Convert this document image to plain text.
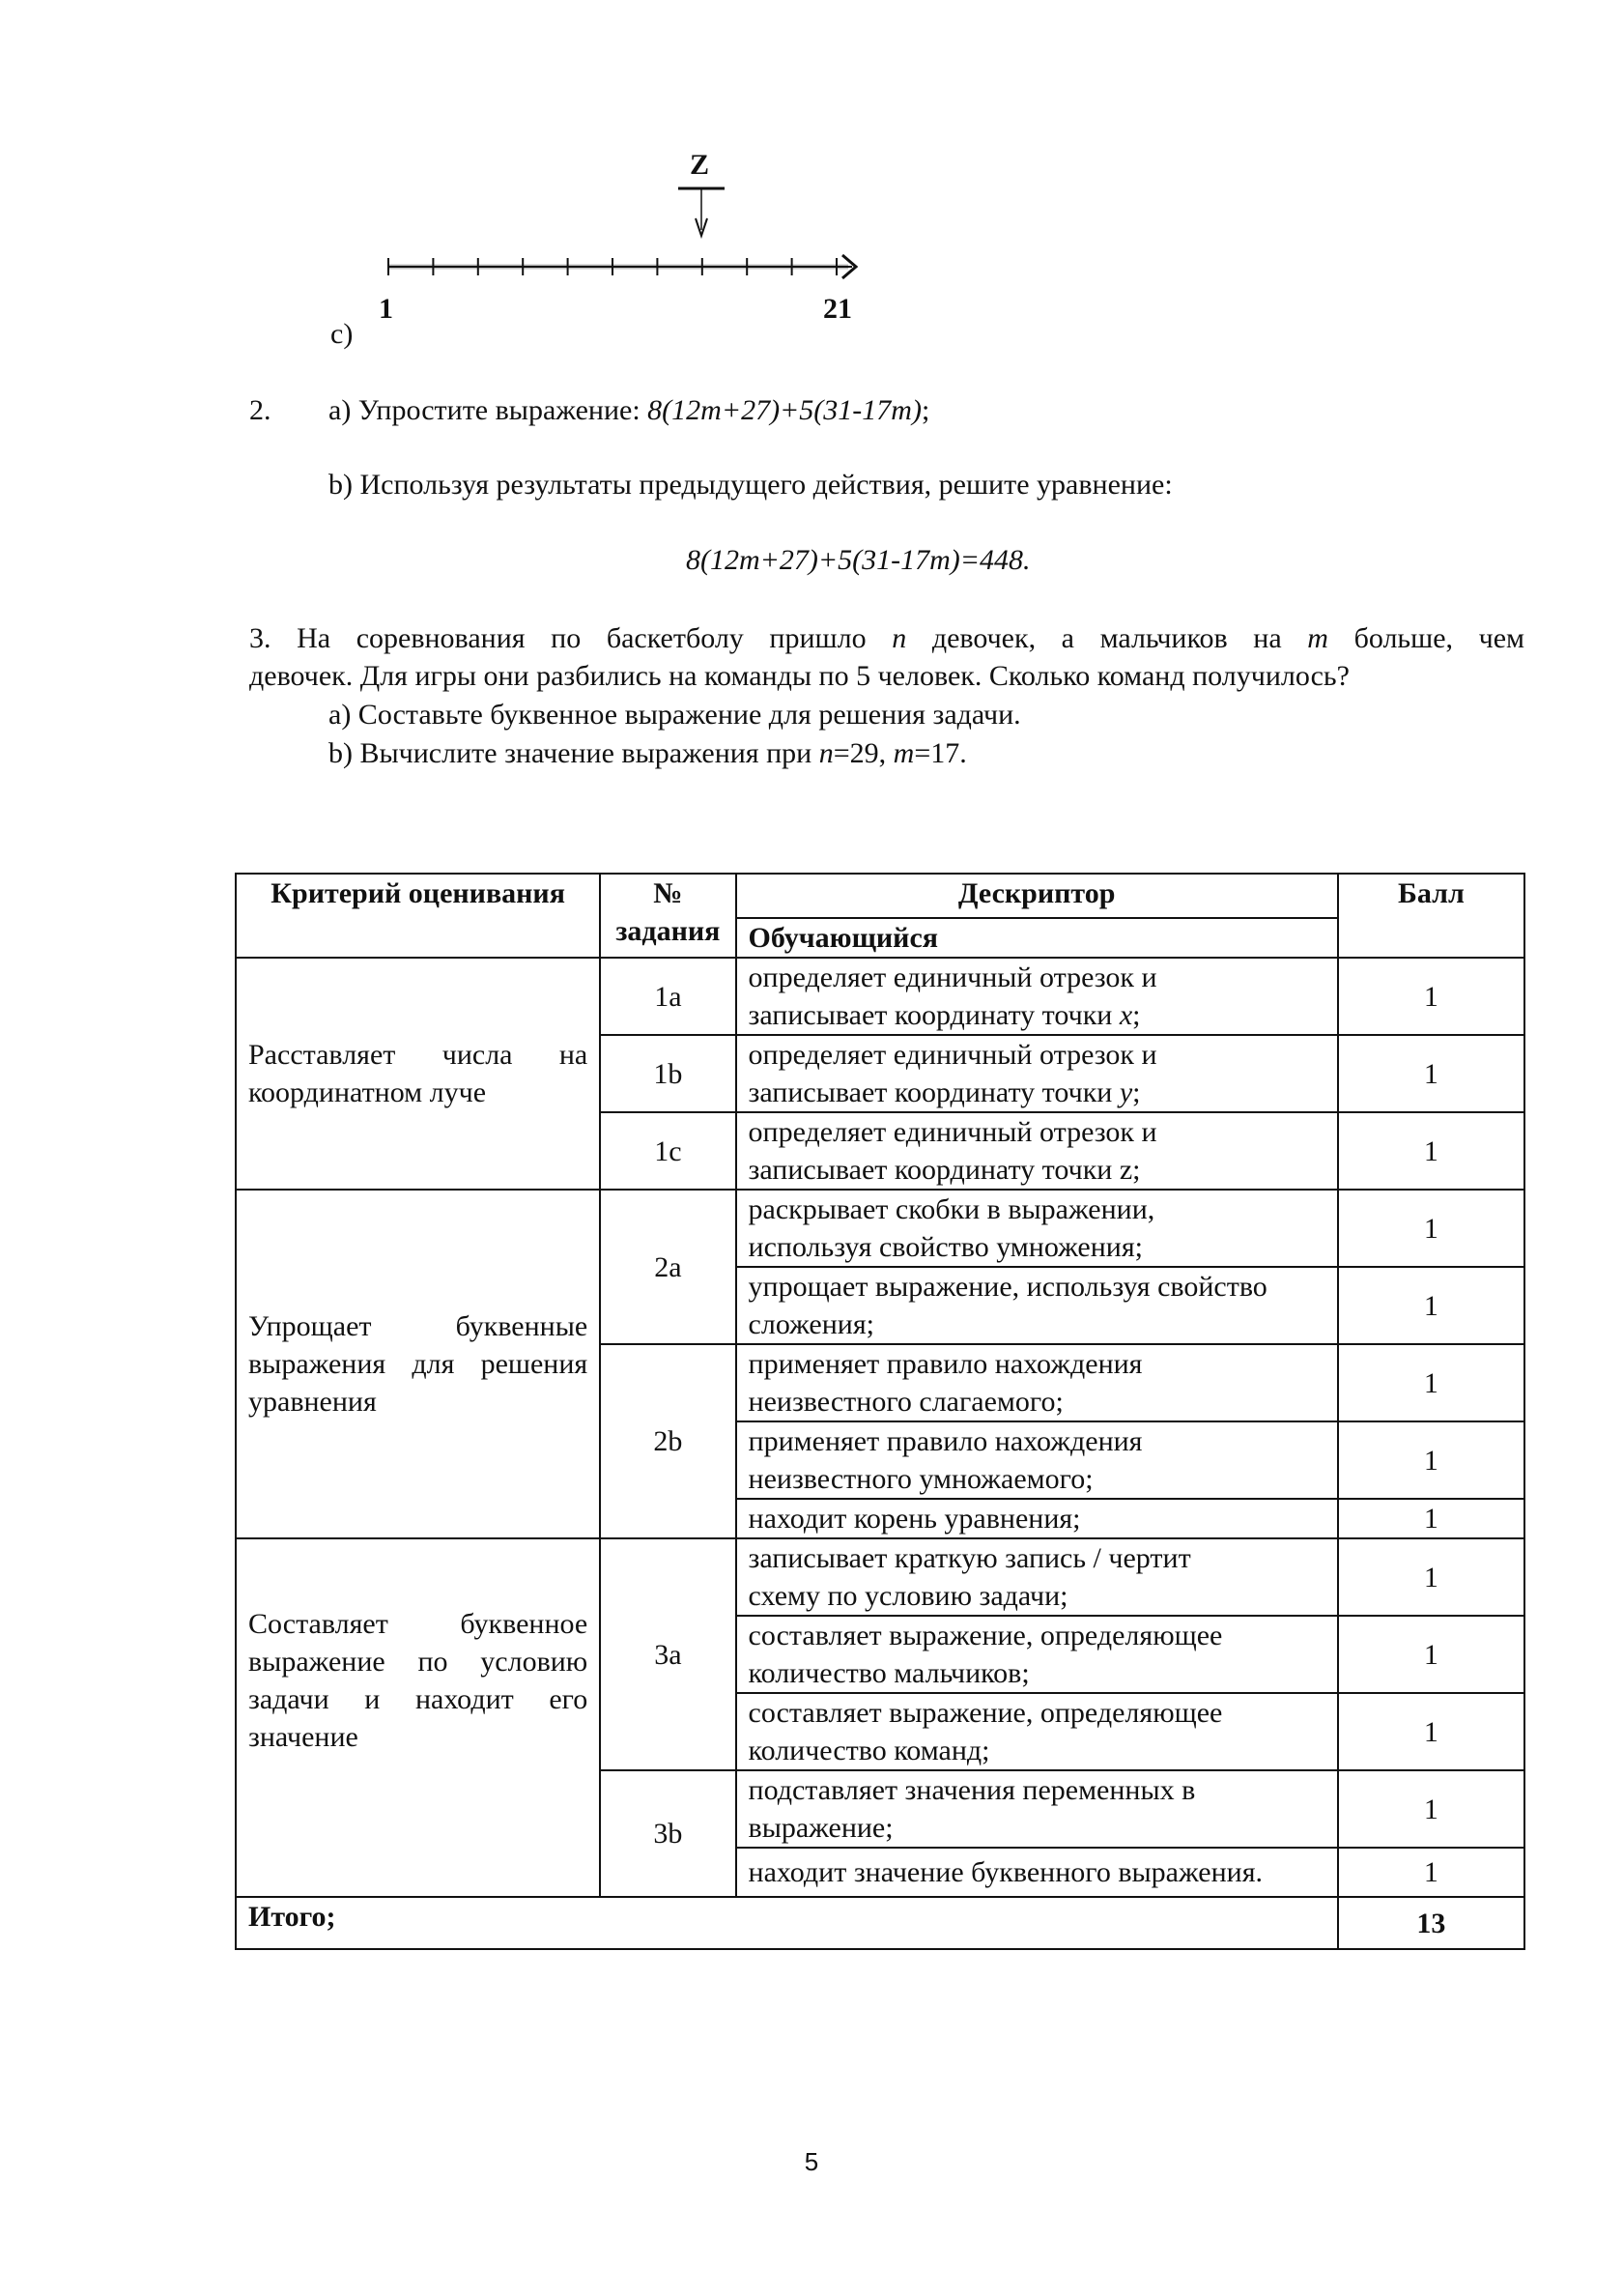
1	21
Z
c)
2. a) Упростите выражение: 8(12m+27)+5(31-17m);
b) Используя результаты предыдущего действия, решите уравнение:
8(12m+27)+5(31-17m)=448.
3. На соревнования по баскетболу пришло n девочек, а мальчиков на m больше, чем
девочек. Для игры они разбились на команды по 5 человек. Сколько команд получилось?
a) Составьте буквенное выражение для решения задачи.
b) Вычислите значение выражения при n=29, m=17.
Критерий оценивания	№
задания	Дескриптор	Балл
		Обучающийся	

Расставляет числа на
координатном луче
	1a	
определяет единичный отрезок и
записывает координату точки x;
	1
	1b	определяет единичный отрезок и
записывает координату точки y;	1
	1c	определяет единичный отрезок и
записывает координату точки z;	1

Упрощает буквенные
выражения для решения
уравнения
	2a	
раскрывает скобки в выражении,
используя свойство умножения;
	1

		упрощает выражение, используя свойство
сложения;	1
	2b	применяет правило нахождения
неизвестного слагаемого;	1

		применяет правило нахождения
неизвестного умножаемого;	1
		находит корень уравнения;	1

Составляет буквенное
выражение по условию
задачи и находит его
значение
	3a	
записывает краткую запись / чертит
схему по условию задачи;
	1

		составляет выражение, определяющее
количество мальчиков;	1

		составляет выражение, определяющее
количество команд;	1
	3b	подставляет значения переменных в
выражение;	1
		находит значение буквенного выражения.	1
Итого;			13
5
